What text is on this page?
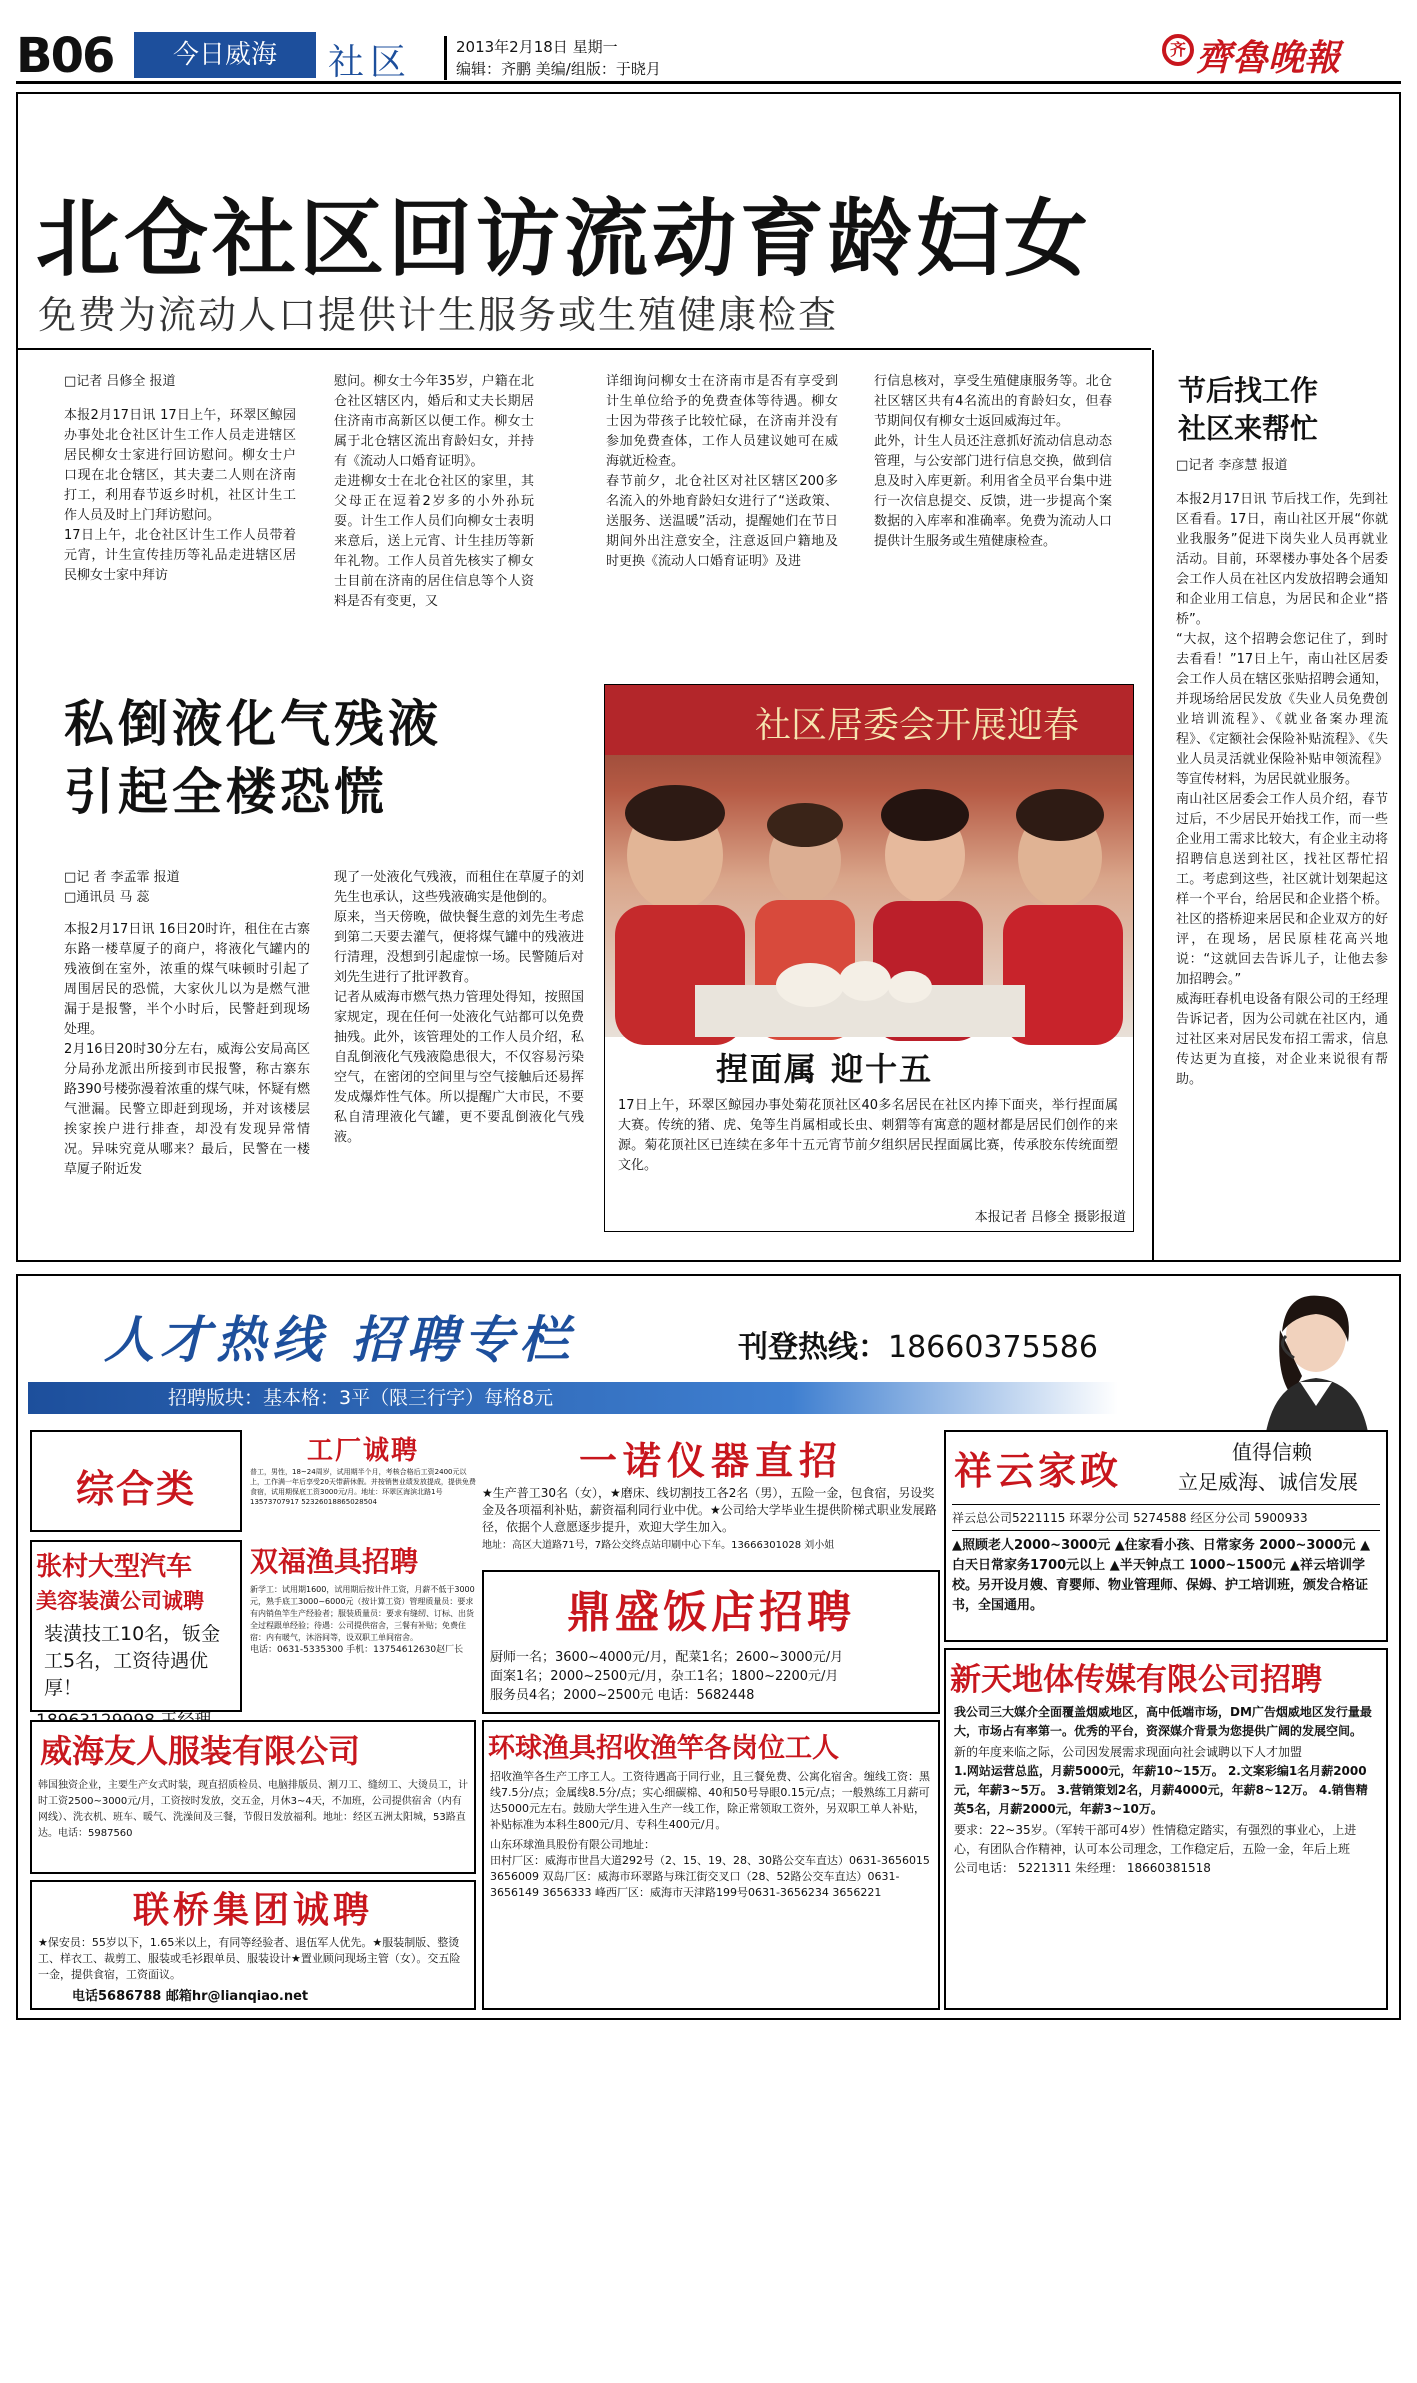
B06	今日威海	社区	2013年2月18日 星期一
编辑：齐鹏 美编/组版：于晓月
齐 齊魯晚報
北仓社区回访流动育龄妇女
免费为流动人口提供计生服务或生殖健康检查
□记者 吕修全 报道
本报2月17日讯 17日上午，环翠区鲸园办事处北仓社区计生工作人员走进辖区居民柳女士家进行回访慰问。柳女士户口现在北仓辖区，其夫妻二人则在济南打工，利用春节返乡时机，社区计生工作人员及时上门拜访慰问。
17日上午，北仓社区计生工作人员带着元宵，计生宣传挂历等礼品走进辖区居民柳女士家中拜访
慰问。柳女士今年35岁，户籍在北仓社区辖区内，婚后和丈夫长期居住济南市高新区以便工作。柳女士属于北仓辖区流出育龄妇女，并持有《流动人口婚育证明》。
走进柳女士在北仓社区的家里，其父母正在逗着2岁多的小外孙玩耍。计生工作人员们向柳女士表明来意后，送上元宵、计生挂历等新年礼物。工作人员首先核实了柳女士目前在济南的居住信息等个人资料是否有变更，又
详细询问柳女士在济南市是否有享受到计生单位给予的免费查体等待遇。柳女士因为带孩子比较忙碌，在济南并没有参加免费查体，工作人员建议她可在威海就近检查。
春节前夕，北仓社区对社区辖区200多名流入的外地育龄妇女进行了“送政策、送服务、送温暖”活动，提醒她们在节日期间外出注意安全，注意返回户籍地及时更换《流动人口婚育证明》及进
行信息核对，享受生殖健康服务等。北仓社区辖区共有4名流出的育龄妇女，但春节期间仅有柳女士返回威海过年。
此外，计生人员还注意抓好流动信息动态管理，与公安部门进行信息交换，做到信息及时入库更新。利用省全员平台集中进行一次信息提交、反馈，进一步提高个案数据的入库率和准确率。免费为流动人口提供计生服务或生殖健康检查。
私倒液化气残液
引起全楼恐慌
□记 者 李孟霏 报道
□通讯员 马 蕊
本报2月17日讯 16日20时许，租住在古寨东路一楼草厦子的商户，将液化气罐内的残液倒在室外，浓重的煤气味顿时引起了周围居民的恐慌，大家伙儿以为是燃气泄漏于是报警，半个小时后，民警赶到现场处理。
2月16日20时30分左右，威海公安局高区分局孙龙派出所接到市民报警，称古寨东路390号楼弥漫着浓重的煤气味，怀疑有燃气泄漏。民警立即赶到现场，并对该楼层挨家挨户进行排查，却没有发现异常情况。异味究竟从哪来？最后，民警在一楼草厦子附近发
现了一处液化气残液，而租住在草厦子的刘先生也承认，这些残液确实是他倒的。
原来，当天傍晚，做快餐生意的刘先生考虑到第二天要去灌气，便将煤气罐中的残液进行清理，没想到引起虚惊一场。民警随后对刘先生进行了批评教育。
记者从威海市燃气热力管理处得知，按照国家规定，现在任何一处液化气站都可以免费抽残。此外，该管理处的工作人员介绍，私自乱倒液化气残液隐患很大，不仅容易污染空气，在密闭的空间里与空气接触后还易挥发成爆炸性气体。所以提醒广大市民，不要私自清理液化气罐，更不要乱倒液化气残液。
社区居委会开展迎春
捏面属 迎十五
17日上午，环翠区鲸园办事处菊花顶社区40多名居民在社区内捧下面夹，举行捏面属大赛。传统的猪、虎、兔等生肖属相或长虫、刺猬等有寓意的题材都是居民们创作的来源。菊花顶社区已连续在多年十五元宵节前夕组织居民捏面属比赛，传承胶东传统面塑文化。
本报记者 吕修全 摄影报道
节后找工作
社区来帮忙
□记者 李彦慧 报道
本报2月17日讯 节后找工作，先到社区看看。17日，南山社区开展“你就业我服务”促进下岗失业人员再就业活动。目前，环翠楼办事处各个居委会工作人员在社区内发放招聘会通知和企业用工信息，为居民和企业“搭桥”。
“大叔，这个招聘会您记住了，到时去看看！”17日上午，南山社区居委会工作人员在辖区张贴招聘会通知，并现场给居民发放《失业人员免费创业培训流程》、《就业备案办理流程》、《定额社会保险补贴流程》、《失业人员灵活就业保险补贴申领流程》等宣传材料，为居民就业服务。
南山社区居委会工作人员介绍，春节过后，不少居民开始找工作，而一些企业用工需求比较大，有企业主动将招聘信息送到社区，找社区帮忙招工。考虑到这些，社区就计划架起这样一个平台，给居民和企业搭个桥。社区的搭桥迎来居民和企业双方的好评，在现场，居民原桂花高兴地说：“这就回去告诉儿子，让他去参加招聘会。”
威海旺春机电设备有限公司的王经理告诉记者，因为公司就在社区内，通过社区来对居民发布招工需求，信息传达更为直接，对企业来说很有帮助。
人才热线 招聘专栏	刊登热线：18660375586
招聘版块：基本格：3平（限三行字）每格8元
综合类
工厂诚聘
普工，男性，18~24周岁，试用期半个月，考核合格后工资2400元以上，工作满一年后享受20天带薪休假。并按销售业绩发放提成，提供免费食宿，试用期保底工资3000元/月。地址：环翠区海滨北路1号13573707917 52326018865028504
张村大型汽车
美容装潢公司诚聘
装潢技工10名，钣金工5名，工资待遇优厚！
双福渔具招聘
新学工：试用期1600，试用期后按计件工资，月薪不低于3000元，熟手底工3000~6000元（按计算工资）管理质量员：要求有内销鱼竿生产经验者；服装质量员：要求有缝纫、订标、出货全过程跟单经验；待遇：公司提供宿舍，三餐有补贴；免费住宿：内有暖气，沐浴间等，设双职工单间宿舍。
电话：0631-5335300 手机：13754612630赵厂长
一诺仪器直招
★生产普工30名（女），★磨床、线切割技工各2名（男），五险一金，包食宿，另设奖金及各项福利补贴，薪资福利同行业中优。★公司给大学毕业生提供阶梯式职业发展路径，依据个人意愿逐步提升，欢迎大学生加入。
地址：高区大道路71号，7路公交终点站印刷中心下车。13666301028 刘小姐
鼎盛饭店招聘
厨师一名；3600~4000元/月，配菜1名；2600~3000元/月
面案1名；2000~2500元/月，杂工1名；1800~2200元/月
服务员4名；2000~2500元 电话：5682448
祥云家政	值得信赖
立足威海、诚信发展
祥云总公司5221115 环翠分公司 5274588 经区分公司 5900933
▲照顾老人2000~3000元 ▲住家看小孩、日常家务 2000~3000元 ▲白天日常家务1700元以上 ▲半天钟点工 1000~1500元 ▲祥云培训学校。另开设月嫂、育婴师、物业管理师、保姆、护工培训班，颁发合格证书，全国通用。
新天地体传媒有限公司招聘
我公司三大媒介全面覆盖烟威地区，高中低端市场，DM广告烟威地区发行量最大，市场占有率第一。优秀的平台，资深媒介背景为您提供广阔的发展空间。
新的年度来临之际，公司因发展需求现面向社会诚聘以下人才加盟
1.网站运营总监，月薪5000元，年薪10~15万。 2.文案彩编1名月薪2000元，年薪3~5万。 3.营销策划2名，月薪4000元，年薪8~12万。 4.销售精英5名，月薪2000元，年薪3~10万。
要求：22~35岁。（军转干部可4岁）性情稳定踏实，有强烈的事业心，上进心，有团队合作精神，认可本公司理念，工作稳定后，五险一金，年后上班
公司电话： 5221311 朱经理： 18660381518
威海友人服装有限公司
韩国独资企业，主要生产女式时装，现直招质检员、电脑排版员、割刀工、缝纫工、大烫员工，计时工资2500~3000元/月，工资按时发放，交五金，月休3~4天，不加班，公司提供宿舍（内有网线）、洗衣机、班车、暖气、洗澡间及三餐，节假日发放福利。地址：经区五洲太阳城，53路直达。电话：5987560
环球渔具招收渔竿各岗位工人
招收渔竿各生产工序工人。工资待遇高于同行业，且三餐免费、公寓化宿舍。缠线工资：黑线7.5分/点；金属线8.5分/点；实心细碳棉、40和50号导眼0.15元/点；一般熟练工月薪可达5000元左右。鼓励大学生进入生产一线工作，除正常领取工资外，另双职工单人补贴，补贴标准为本科生800元/月、专科生400元/月。
山东环球渔具股份有限公司地址：
田村厂区：威海市世昌大道292号（2、15、19、28、30路公交车直达）0631-3656015 3656009 双岛厂区：威海市环翠路与珠江街交叉口（28、52路公交车直达）0631-3656149 3656333 峰西厂区：威海市天津路199号0631-3656234 3656221
联桥集团诚聘
★保安员：55岁以下，1.65米以上，有同等经验者、退伍军人优先。★服装制版、整烫工、样衣工、裁剪工、服装或毛衫跟单员、服装设计★置业顾问现场主管（女）。交五险一金，提供食宿，工资面议。
电话5686788 邮箱hr@lianqiao.net
